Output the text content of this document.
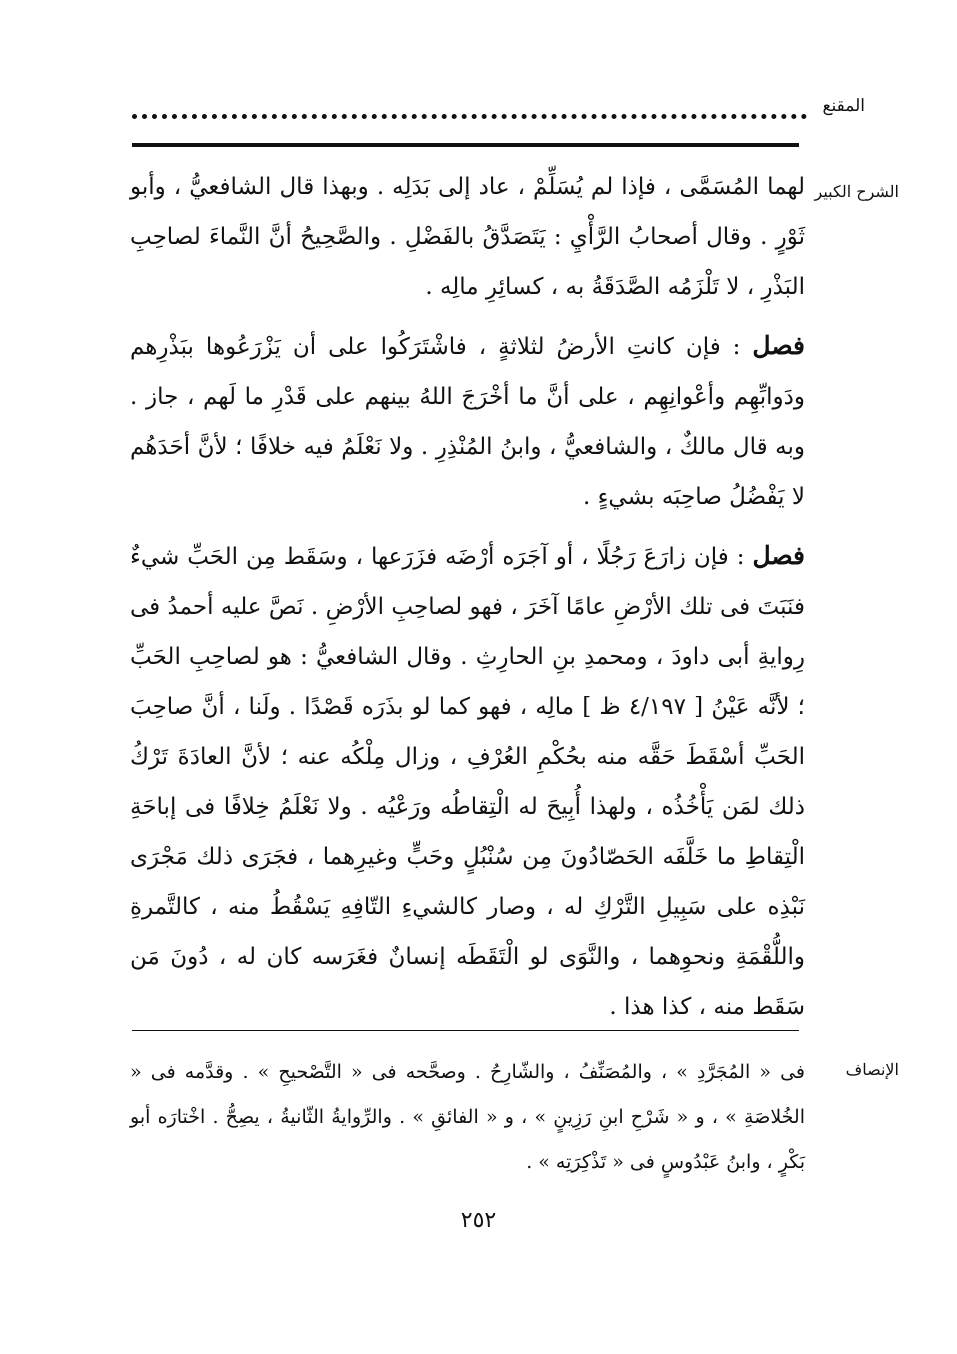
المقنع
الشرح الكبير

لهما المُسَمَّى ، فإذا لم يُسَلِّمْ ، عاد إلى بَدَلِه . وبهذا قال الشافعيُّ ، وأبو ثَوْرٍ . وقال أصحابُ الرَّأْيِ : يَتَصَدَّقُ بالفَضْلِ . والصَّحِيحُ أنَّ النَّماءَ لصاحِبِ البَذْرِ ، لا تَلْزَمُه الصَّدَقَةُ به ، كسائِرِ مالِه .

فصل : فإن كانتِ الأرضُ لثلاثةٍ ، فاشْتَرَكُوا على أن يَزْرَعُوها ببَذْرِهم ودَوابِّهِم وأعْوانِهِم ، على أنَّ ما أخْرَجَ اللهُ بينهم على قَدْرِ ما لَهم ، جاز . وبه قال مالكٌ ، والشافعيُّ ، وابنُ المُنْذِرِ . ولا نَعْلَمُ فيه خلافًا ؛ لأنَّ أحَدَهُم لا يَفْضُلُ صاحِبَه بشيءٍ .

فصل : فإن زارَعَ رَجُلًا ، أو آجَرَه أرْضَه فزَرَعها ، وسَقَط مِن الحَبِّ شيءٌ فنَبَتَ فى تلك الأرْضِ عامًا آخَرَ ، فهو لصاحِبِ الأرْضِ . نَصَّ عليه أحمدُ فى رِوايةِ أبى داودَ ، ومحمدِ بنِ الحارِثِ . وقال الشافعيُّ : هو لصاحِبِ الحَبِّ ؛ لأنَّه عَيْنُ [ ٤/١٩٧ ظ ] مالِه ، فهو كما لو بذَرَه قَصْدًا . ولَنا ، أنَّ صاحِبَ الحَبِّ أسْقَطَ حَقَّه منه بحُكْمِ العُرْفِ ، وزال مِلْكُه عنه ؛ لأنَّ العادَةَ تَرْكُ ذلك لمَن يَأْخُذُه ، ولهذا أُبِيحَ له الْتِقاطُه ورَعْيُه . ولا نَعْلَمُ خِلافًا فى إباحَةِ الْتِقاطِ ما خَلَّفَه الحَصّادُونَ مِن سُنْبُلٍ وحَبٍّ وغيرِهما ، فجَرَى ذلك مَجْرَى نَبْذِه على سَبِيلِ التَّرْكِ له ، وصار كالشيءِ التّافِهِ يَسْقُطُ منه ، كالتَّمرةِ واللُّقْمَةِ ونحوِهما ، والنَّوَى لو الْتَقَطَه إنسانٌ فغَرَسه كان له ، دُونَ مَن سَقَط منه ، كذا هذا .

الإنصاف

فى « المُجَرَّدِ » ، والمُصَنِّفُ ، والشّارِحُ . وصحَّحه فى « التَّصْحيحِ » . وقدَّمه فى « الخُلاصَةِ » ، و « شَرْحِ ابنِ رَزِينٍ » ، و « الفائقِ » . والرِّوايةُ الثّانيةُ ، يصِحُّ . اخْتارَه أبو بَكْرٍ ، وابنُ عَبْدُوسٍ فى « تَذْكِرَتِه » .

٢٥٢
